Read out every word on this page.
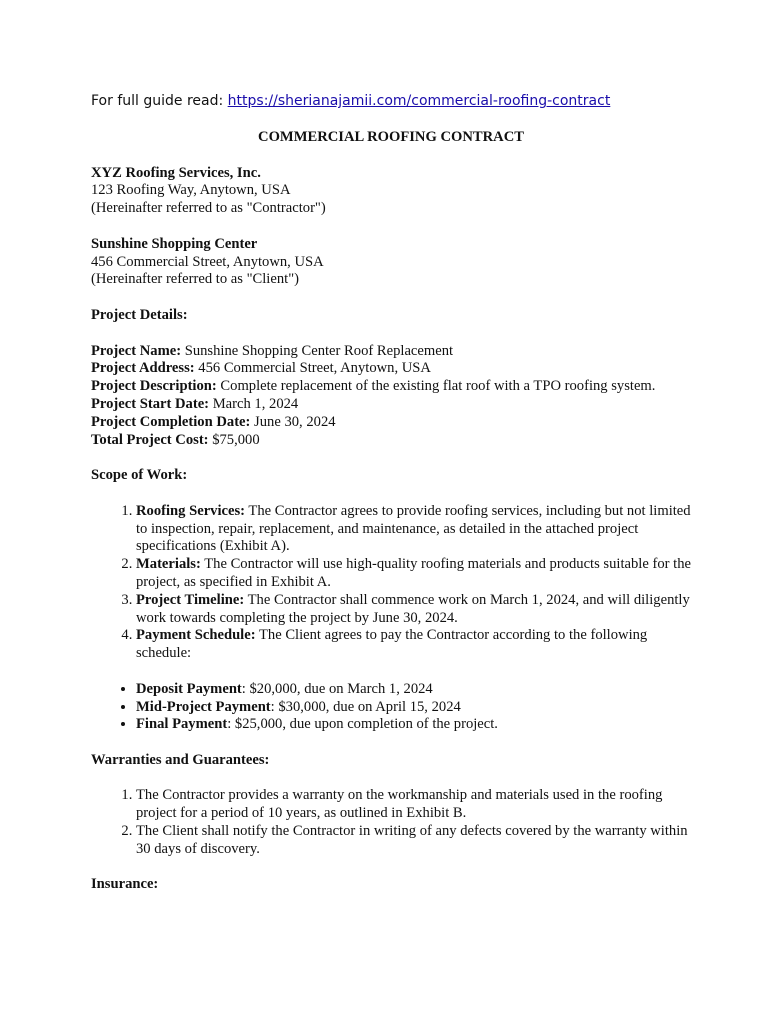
For full guide read: https://sherianajamii.com/commercial-roofing-contract
COMMERCIAL ROOFING CONTRACT
XYZ Roofing Services, Inc.
123 Roofing Way, Anytown, USA
(Hereinafter referred to as "Contractor")
Sunshine Shopping Center
456 Commercial Street, Anytown, USA
(Hereinafter referred to as "Client")
Project Details:
Project Name: Sunshine Shopping Center Roof Replacement
Project Address: 456 Commercial Street, Anytown, USA
Project Description: Complete replacement of the existing flat roof with a TPO roofing system.
Project Start Date: March 1, 2024
Project Completion Date: June 30, 2024
Total Project Cost: $75,000
Scope of Work:
1. Roofing Services: The Contractor agrees to provide roofing services, including but not limited to inspection, repair, replacement, and maintenance, as detailed in the attached project specifications (Exhibit A).
2. Materials: The Contractor will use high-quality roofing materials and products suitable for the project, as specified in Exhibit A.
3. Project Timeline: The Contractor shall commence work on March 1, 2024, and will diligently work towards completing the project by June 30, 2024.
4. Payment Schedule: The Client agrees to pay the Contractor according to the following schedule:
• Deposit Payment: $20,000, due on March 1, 2024
• Mid-Project Payment: $30,000, due on April 15, 2024
• Final Payment: $25,000, due upon completion of the project.
Warranties and Guarantees:
1. The Contractor provides a warranty on the workmanship and materials used in the roofing project for a period of 10 years, as outlined in Exhibit B.
2. The Client shall notify the Contractor in writing of any defects covered by the warranty within 30 days of discovery.
Insurance:
